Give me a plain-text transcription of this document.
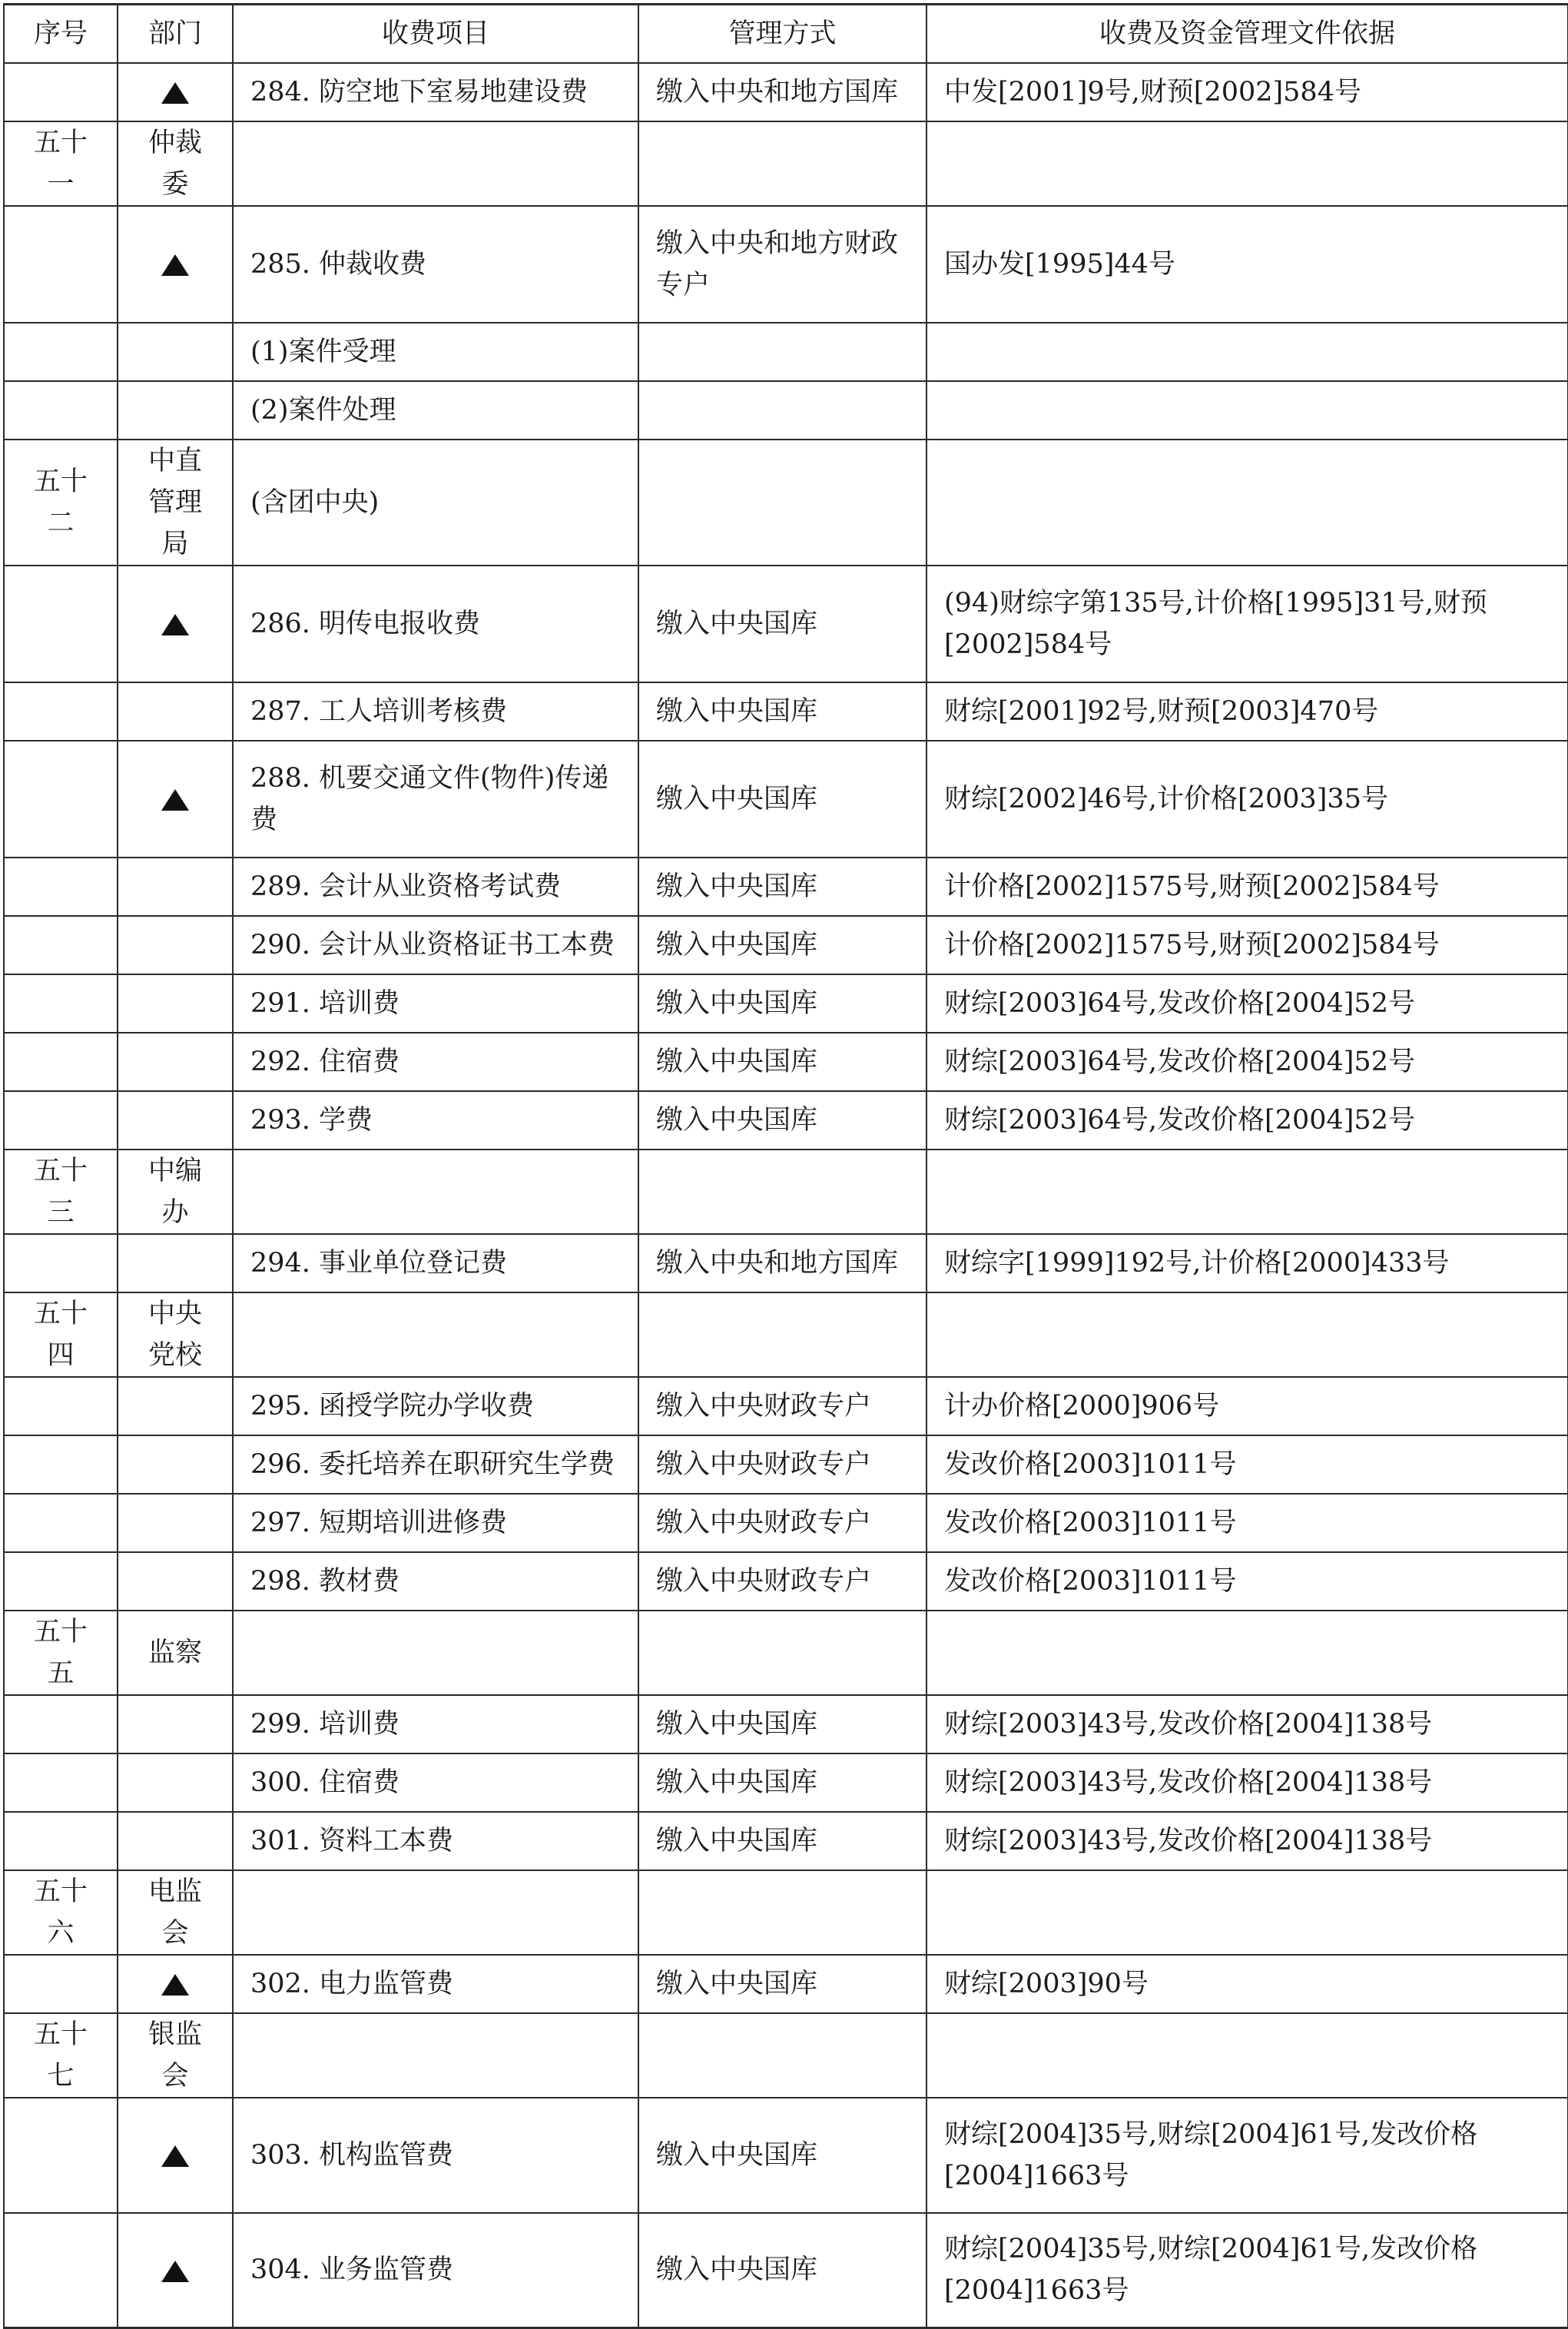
序号	部门	收费项目	管理方式	收费及资金管理文件依据
		284. 防空地下室易地建设费	缴入中央和地方国库	中发[2001]9号,财预[2002]584号
五十一	仲裁委			
		285. 仲裁收费	缴入中央和地方财政专户	国办发[1995]44号
		(1)案件受理		
		(2)案件处理		
五十二	中直管理局	(含团中央)		
		286. 明传电报收费	缴入中央国库	(94)财综字第135号,计价格[1995]31号,财预[2002]584号
		287. 工人培训考核费	缴入中央国库	财综[2001]92号,财预[2003]470号
		288. 机要交通文件(物件)传递费	缴入中央国库	财综[2002]46号,计价格[2003]35号
		289. 会计从业资格考试费	缴入中央国库	计价格[2002]1575号,财预[2002]584号
		290. 会计从业资格证书工本费	缴入中央国库	计价格[2002]1575号,财预[2002]584号
		291. 培训费	缴入中央国库	财综[2003]64号,发改价格[2004]52号
		292. 住宿费	缴入中央国库	财综[2003]64号,发改价格[2004]52号
		293. 学费	缴入中央国库	财综[2003]64号,发改价格[2004]52号
五十三	中编办			
		294. 事业单位登记费	缴入中央和地方国库	财综字[1999]192号,计价格[2000]433号
五十四	中央党校			
		295. 函授学院办学收费	缴入中央财政专户	计办价格[2000]906号
		296. 委托培养在职研究生学费	缴入中央财政专户	发改价格[2003]1011号
		297. 短期培训进修费	缴入中央财政专户	发改价格[2003]1011号
		298. 教材费	缴入中央财政专户	发改价格[2003]1011号
五十五	监察			
		299. 培训费	缴入中央国库	财综[2003]43号,发改价格[2004]138号
		300. 住宿费	缴入中央国库	财综[2003]43号,发改价格[2004]138号
		301. 资料工本费	缴入中央国库	财综[2003]43号,发改价格[2004]138号
五十六	电监会			
		302. 电力监管费	缴入中央国库	财综[2003]90号
五十七	银监会			
		303. 机构监管费	缴入中央国库	财综[2004]35号,财综[2004]61号,发改价格[2004]1663号
		304. 业务监管费	缴入中央国库	财综[2004]35号,财综[2004]61号,发改价格[2004]1663号
